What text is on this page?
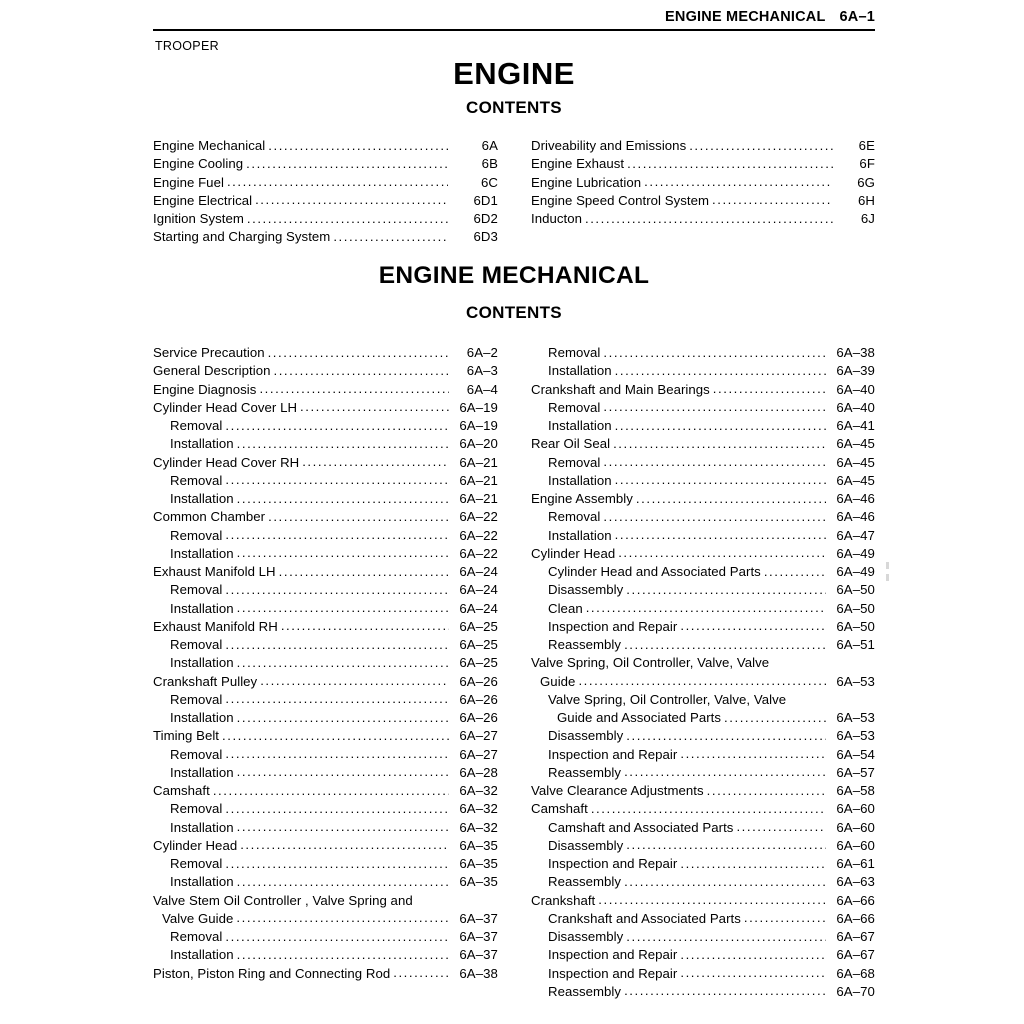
ENGINE MECHANICAL 6A–1
TROOPER
ENGINE
CONTENTS
Engine Mechanical .....	6A
Engine Cooling .....	6B
Engine Fuel .....	6C
Engine Electrical .....	6D1
Ignition System .....	6D2
Starting and Charging System .....	6D3
Driveability and Emissions .....	6E
Engine Exhaust .....	6F
Engine Lubrication .....	6G
Engine Speed Control System .....	6H
Inducton .....	6J
ENGINE MECHANICAL
CONTENTS
Service Precaution .....	6A–2
General Description .....	6A–3
Engine Diagnosis .....	6A–4
Cylinder Head Cover LH .....	6A–19
Removal .....	6A–19
Installation .....	6A–20
Cylinder Head Cover RH .....	6A–21
Removal .....	6A–21
Installation .....	6A–21
Common Chamber .....	6A–22
Removal .....	6A–22
Installation .....	6A–22
Exhaust Manifold LH .....	6A–24
Removal .....	6A–24
Installation .....	6A–24
Exhaust Manifold RH .....	6A–25
Removal .....	6A–25
Installation .....	6A–25
Crankshaft Pulley .....	6A–26
Removal .....	6A–26
Installation .....	6A–26
Timing Belt .....	6A–27
Removal .....	6A–27
Installation .....	6A–28
Camshaft .....	6A–32
Removal .....	6A–32
Installation .....	6A–32
Cylinder Head .....	6A–35
Removal .....	6A–35
Installation .....	6A–35
Valve Stem Oil Controller , Valve Spring and
Valve Guide .....	6A–37
Removal .....	6A–37
Installation .....	6A–37
Piston, Piston Ring and Connecting Rod .....	6A–38
Removal .....	6A–38
Installation .....	6A–39
Crankshaft and Main Bearings .....	6A–40
Removal .....	6A–40
Installation .....	6A–41
Rear Oil Seal .....	6A–45
Removal .....	6A–45
Installation .....	6A–45
Engine Assembly .....	6A–46
Removal .....	6A–46
Installation .....	6A–47
Cylinder Head .....	6A–49
Cylinder Head and Associated Parts .....	6A–49
Disassembly .....	6A–50
Clean .....	6A–50
Inspection and Repair .....	6A–50
Reassembly .....	6A–51
Valve Spring, Oil Controller, Valve, Valve
Guide .....	6A–53
Valve Spring, Oil Controller, Valve, Valve
Guide and Associated Parts .....	6A–53
Disassembly .....	6A–53
Inspection and Repair .....	6A–54
Reassembly .....	6A–57
Valve Clearance Adjustments .....	6A–58
Camshaft .....	6A–60
Camshaft and Associated Parts .....	6A–60
Disassembly .....	6A–60
Inspection and Repair .....	6A–61
Reassembly .....	6A–63
Crankshaft .....	6A–66
Crankshaft and Associated Parts .....	6A–66
Disassembly .....	6A–67
Inspection and Repair .....	6A–67
Inspection and Repair .....	6A–68
Reassembly .....	6A–70
